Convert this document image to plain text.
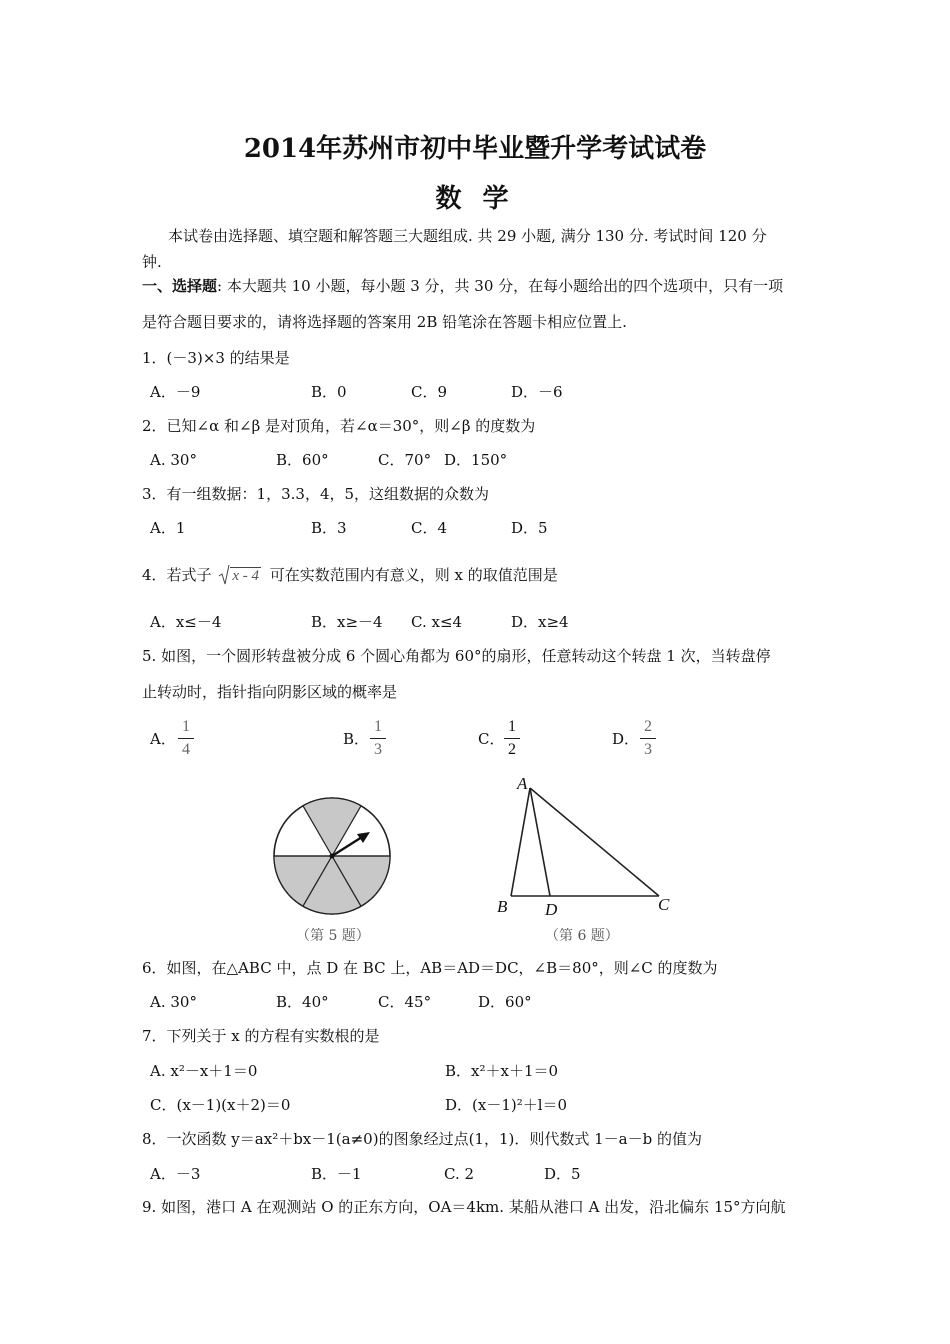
2014年苏州市初中毕业暨升学考试试卷
数 学
本试卷由选择题、填空题和解答题三大题组成. 共 29 小题, 满分 130 分. 考试时间 120 分
钟.
一、选择题: 本大题共 10 小题，每小题 3 分，共 30 分，在每小题给出的四个选项中，只有一项
是符合题目要求的，请将选择题的答案用 2B 铅笔涂在答题卡相应位置上.
1．(－3)×3 的结果是
A．－9	B．0	C．9	D．－6
2．已知∠α 和∠β 是对顶角，若∠α＝30°，则∠β 的度数为
A. 30°	B．60°	C．70° D．150°
3．有一组数据：1，3.3，4，5，这组数据的众数为
A．1	B．3	C．4	D．5
4．若式子 x - 4 可在实数范围内有意义，则 x 的取值范围是
A．x≤－4	B．x≥－4 C. x≤4	D．x≥4
5. 如图，一个圆形转盘被分成 6 个圆心角都为 60°的扇形，任意转动这个转盘 1 次，当转盘停
止转动时，指针指向阴影区域的概率是
A．
1
4
B．
1
3
C．
1
2
D．
2
3
（第 5 题）
A
B D	C
（第 6 题）
6．如图，在△ABC 中，点 D 在 BC 上，AB＝AD＝DC，∠B＝80°，则∠C 的度数为
A. 30°	B．40°	C．45°	D．60°
7．下列关于 x 的方程有实数根的是
A. x²－x＋1＝0	B．x²＋x＋1＝0
C．(x－1)(x＋2)＝0	D．(x－1)²＋l＝0
8．一次函数 y＝ax²＋bx－1(a≠0)的图象经过点(1，1)．则代数式 1－a－b 的值为
A．－3	B．－1	C. 2	D．5
9. 如图，港口 A 在观测站 O 的正东方向，OA＝4km. 某船从港口 A 出发，沿北偏东 15°方向航
